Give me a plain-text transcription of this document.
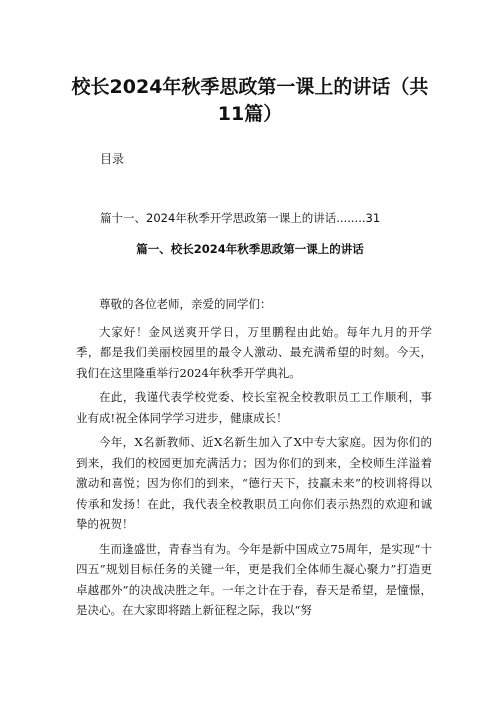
校长2024年秋季思政第一课上的讲话（共
11篇）
目录
篇十一、2024年秋季开学思政第一课上的讲话........31
篇一、校长2024年秋季思政第一课上的讲话

尊敬的各位老师，亲爱的同学们：

大家好！金风送爽开学日，万里鹏程由此始。每年九月的开学季，都是我们美丽校园里的最令人激动、最充满希望的时刻。今天，我们在这里隆重举行2024年秋季开学典礼。

在此，我谨代表学校党委、校长室祝全校教职员工工作顺利，事业有成!祝全体同学学习进步，健康成长！

今年，X名新教师、近X名新生加入了X中专大家庭。因为你们的到来，我们的校园更加充满活力；因为你们的到来，全校师生洋溢着激动和喜悦；因为你们的到来，“德行天下，技赢未来”的校训将得以传承和发扬！在此，我代表全校教职员工向你们表示热烈的欢迎和诚挚的祝贺！

生而逢盛世，青春当有为。今年是新中国成立75周年，是实现“十四五”规划目标任务的关键一年，更是我们全体师生凝心聚力”打造更卓越郡外”的决战决胜之年。一年之计在于春，春天是希望，是憧憬，是决心。在大家即将踏上新征程之际，我以“努
